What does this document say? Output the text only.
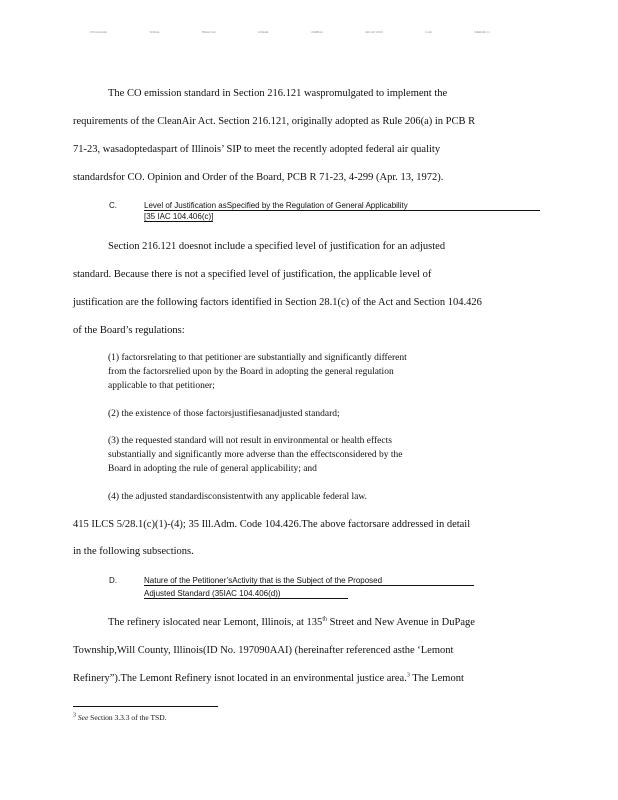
Wbvxcmqzdn	Wdbxns	Bmnxtvrsd	xDfpdkz	xDdBbzn	ddb zdz VdbX	Lxqh	Sdkkbdbz 11
The CO emission standard in Section 216.121 waspromulgated to implement the
requirements of the CleanAir Act. Section 216.121, originally adopted as Rule 206(a) in PCB R
71-23, wasadoptedaspart of Illinois’ SIP to meet the recently adopted federal air quality
standardsfor CO. Opinion and Order of the Board, PCB R 71-23, 4-299 (Apr. 13, 1972).
C.	Level of Justification asSpecified by the Regulation of General Applicability
[35 IAC 104.406(c)]
Section 216.121 doesnot include a specified level of justification for an adjusted
standard. Because there is not a specified level of justification, the applicable level of
justification are the following factors identified in Section 28.1(c) of the Act and Section 104.426
of the Board’s regulations:
(1) factorsrelating to that petitioner are substantially and significantly different
from the factorsrelied upon by the Board in adopting the general regulation
applicable to that petitioner;
(2) the existence of those factorsjustifiesanadjusted standard;
(3) the requested standard will not result in environmental or health effects
substantially and significantly more adverse than the effectsconsidered by the
Board in adopting the rule of general applicability; and
(4) the adjusted standardisconsistentwith any applicable federal law.
415 ILCS 5/28.1(c)(1)-(4); 35 Ill.Adm. Code 104.426.The above factorsare addressed in detail
in the following subsections.
D.	Nature of the Petitioner’sActivity that is the Subject of the Proposed
Adjusted Standard (35IAC 104.406(d))
The refinery islocated near Lemont, Illinois, at 135th Street and New Avenue in DuPage
Township,Will County, Illinois(ID No. 197090AAI) (hereinafter referenced asthe ‘Lemont
Refinery”).The Lemont Refinery isnot located in an environmental justice area.$^3$ The Lemont
$^3$ See Section 3.3.3 of the TSD.
